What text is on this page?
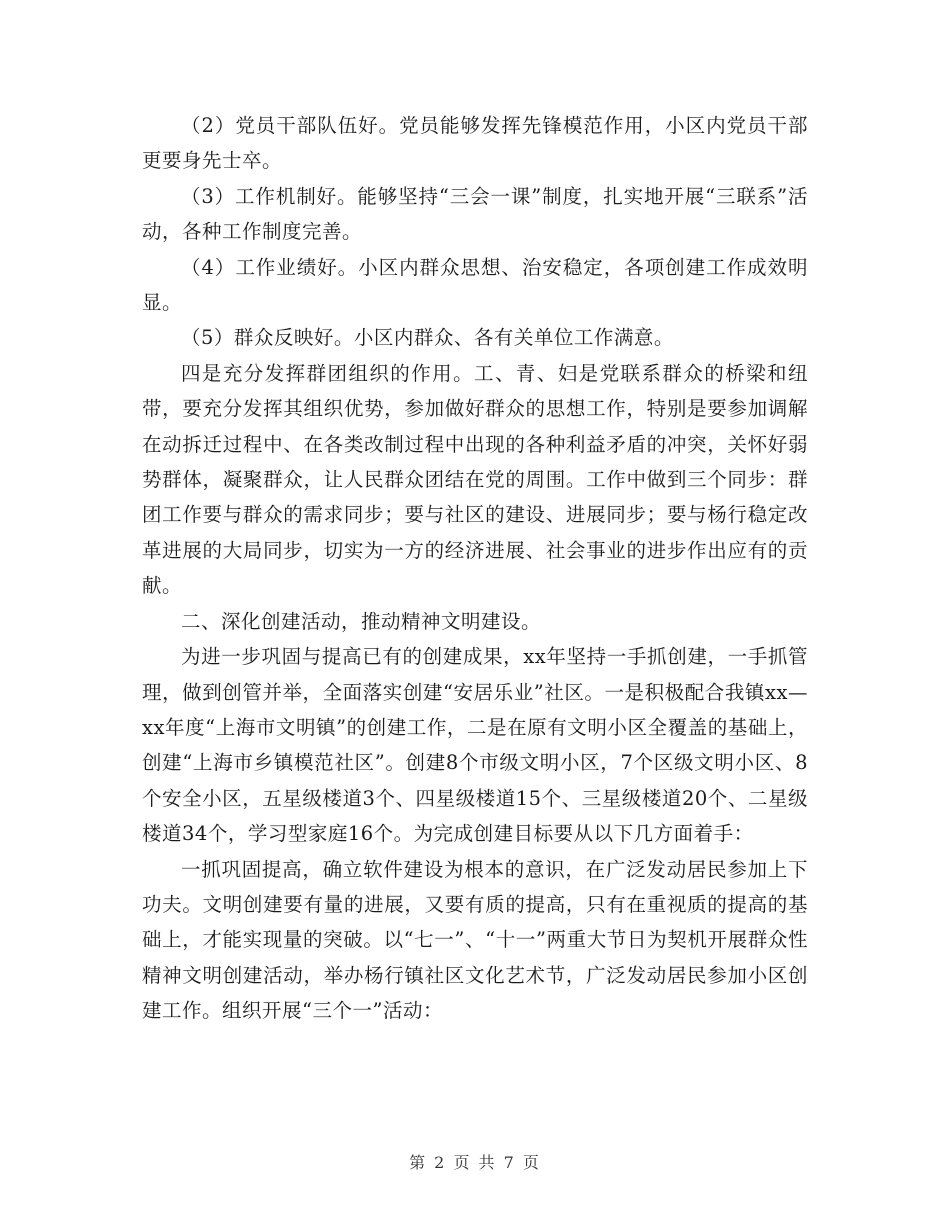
（2）党员干部队伍好。党员能够发挥先锋模范作用，小区内党员干部更要身先士卒。

（3）工作机制好。能够坚持“三会一课”制度，扎实地开展“三联系”活动，各种工作制度完善。

（4）工作业绩好。小区内群众思想、治安稳定，各项创建工作成效明显。

（5）群众反映好。小区内群众、各有关单位工作满意。

四是充分发挥群团组织的作用。工、青、妇是党联系群众的桥梁和纽带，要充分发挥其组织优势，参加做好群众的思想工作，特别是要参加调解在动拆迁过程中、在各类改制过程中出现的各种利益矛盾的冲突，关怀好弱势群体，凝聚群众，让人民群众团结在党的周围。工作中做到三个同步：群团工作要与群众的需求同步；要与社区的建设、进展同步；要与杨行稳定改革进展的大局同步，切实为一方的经济进展、社会事业的进步作出应有的贡献。

二、深化创建活动，推动精神文明建设。

为进一步巩固与提高已有的创建成果，xx年坚持一手抓创建，一手抓管理，做到创管并举，全面落实创建“安居乐业”社区。一是积极配合我镇xx—xx年度“上海市文明镇”的创建工作，二是在原有文明小区全覆盖的基础上，创建“上海市乡镇模范社区”。创建8个市级文明小区，7个区级文明小区、8个安全小区，五星级楼道3个、四星级楼道15个、三星级楼道20个、二星级楼道34个，学习型家庭16个。为完成创建目标要从以下几方面着手：

一抓巩固提高，确立软件建设为根本的意识，在广泛发动居民参加上下功夫。文明创建要有量的进展，又要有质的提高，只有在重视质的提高的基础上，才能实现量的突破。以“七一”、“十一”两重大节日为契机开展群众性精神文明创建活动，举办杨行镇社区文化艺术节，广泛发动居民参加小区创建工作。组织开展“三个一”活动：

第 2 页 共 7 页
